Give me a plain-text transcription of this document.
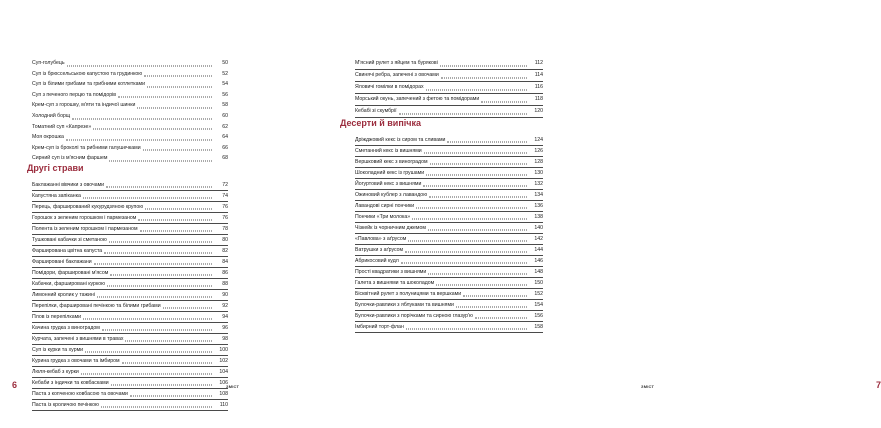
Суп-голубець	50
Суп із брюссельською капустою та грудинкою	52
Суп із білими грибами та грибними котлетками	54
Суп з печеного перцю та помідорів	56
Крем-суп з горошку, м'яти та індичої шинки	58
Холодний борщ	60
Томатний суп «Капрезе»	62
Моя окрошка	64
Крем-суп із броколі та рибними галушечками	66
Сирний суп із м'ясним фаршем	68
Другі страви
Баклажанні вівчики з овочами	72
Капустяна запіканка	74
Перець, фарширований кукурудзяною крупою	76
Горошок з зеленим горошком і пармезаном	76
Полента із зеленим горошком і пармезаном	78
Тушковані кабачки зі сметаною	80
Фарширована цвітна капуста	82
Фаршировані баклажани	84
Помідори, фаршировані м'ясом	86
Кабачки, фаршировані куркою	88
Лимонний кролик у тажині	90
Перепілки, фаршировані печінкою та білими грибами	92
Плов із перепілками	94
Качина грудка з виноградом	96
Курчата, запечені з вишнями в травах	98
Суп із курки та хурми	100
Курина грудка з овочами та імбиром	102
Люля-кебаб з курки	104
Кебаби з індички та ковбасками	106
Паста з копченою ковбасою та овочами	108
Паста із кроличою печінкою	110
6	ЗМІСТ	ЗМІСТ	7
М'ясний рулет з яйцем та бурякові	112
Свинячі ребра, запечені з овочами	114
Яловичі гомілки в помідорах	116
Морський окунь, запечений з фетою та помідорами	118
Кебабі зі скумбрії	120
Десерти й випічка
Дріжджовий кекс із сиром та сливами	124
Сметанний кекс із вишнями	126
Вершковий кекс з виноградом	128
Шоколадний кекс із грушами	130
Йогуртовий кекс з вишнями	132
Ожиновий кублер з лавандою	134
Лавандові сирні пончики	136
Пончики «Три молока»	138
Чізкейк із чорничним джемом	140
«Павлова» з аґрусом	142
Ватрушки з аґрусом	144
Абрикосовий кудл	146
Простi квадратики з вишнями	148
Галета з вишнями та шоколадом	150
Бісквітний рулет з полуницями та вершками	152
Булочки-равлики з яблуками та вишнями	154
Булочки-равлики з порічками та сирною глазур'ю	156
Імбирний торт-флан	158
